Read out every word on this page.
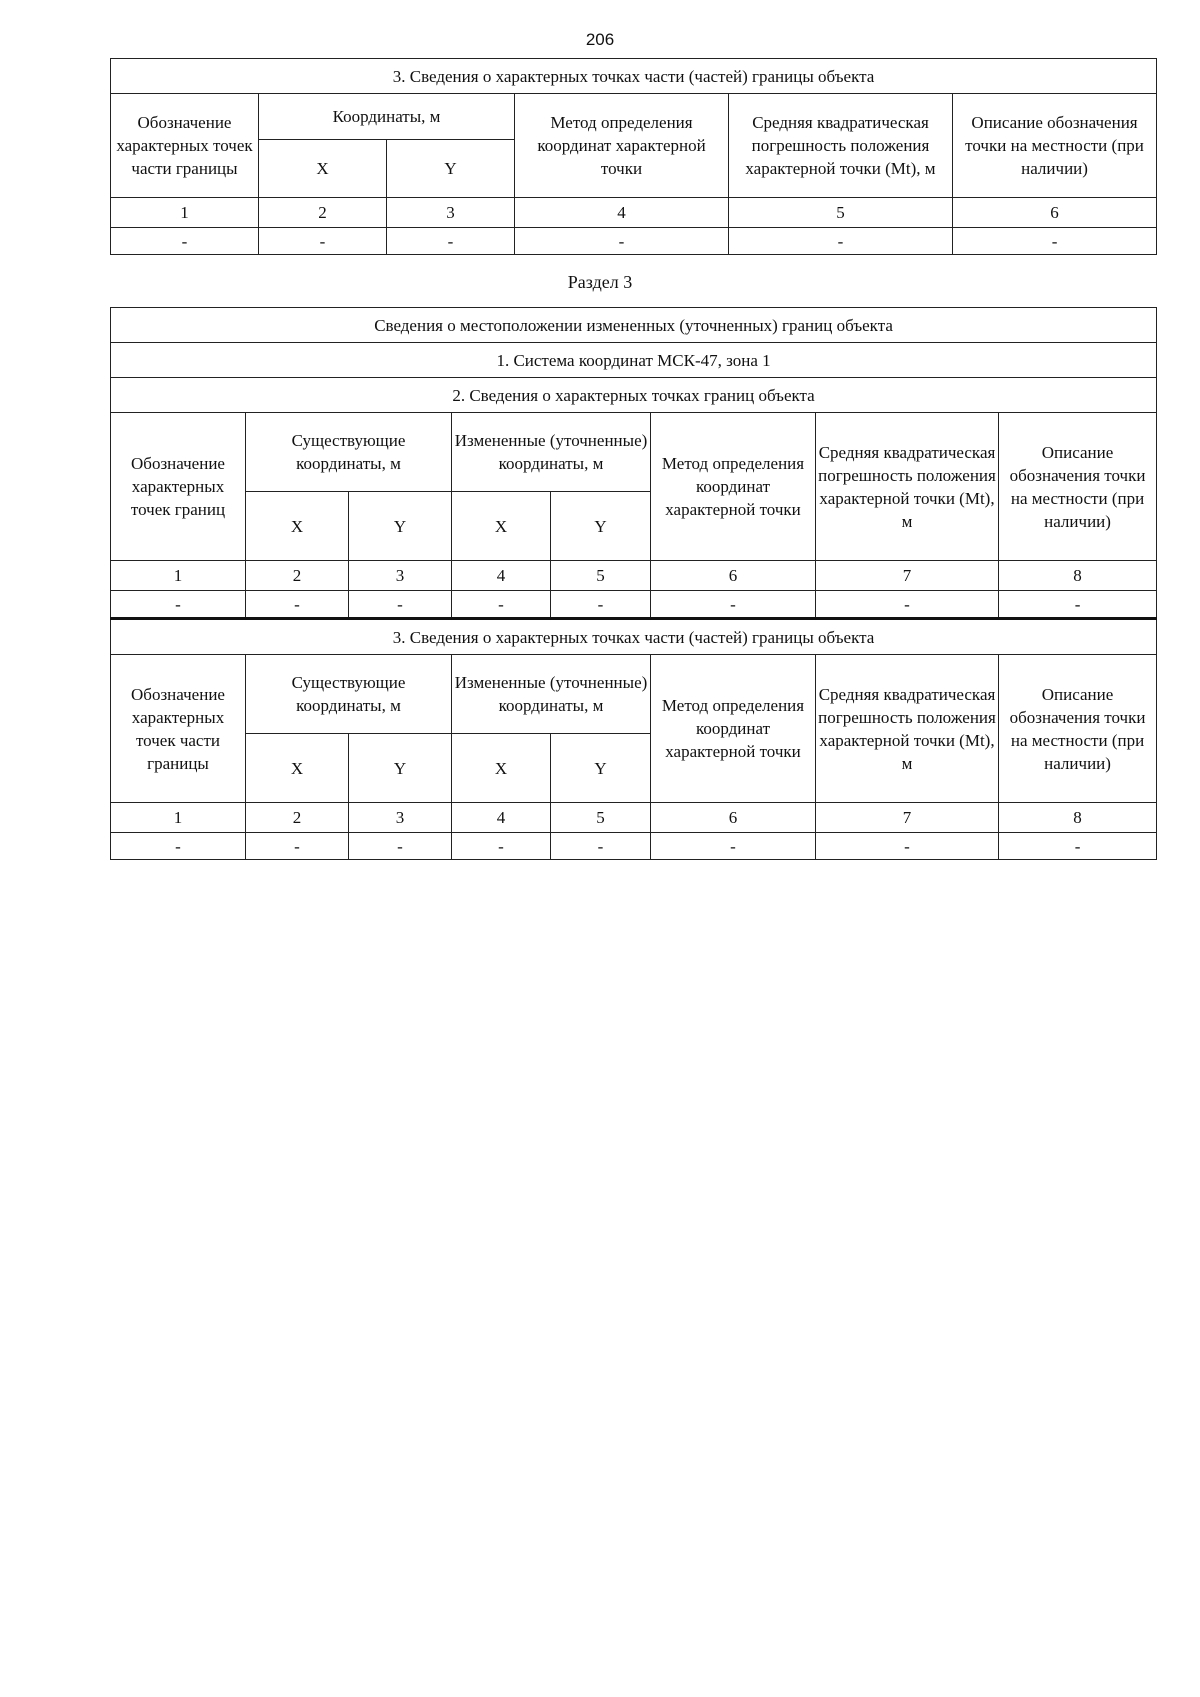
206
3. Сведения о характерных точках части (частей) границы объекта					
Обозначение характерных точек части границы	Координаты, м		Метод определения координат характерной точки	Средняя квадратическая погрешность положения характерной точки (Mt), м	Описание обозначения точки на местности (при наличии)
	X	Y			
1	2	3	4	5	6
-	-	-	-	-	-
Раздел 3
Сведения о местоположении измененных (уточненных) границ объекта							
1. Система координат МСК-47, зона 1							
2. Сведения о характерных точках границ объекта							
Обозначение характерных точек границ	Существующие координаты, м		Измененные (уточненные) координаты, м		Метод определения координат характерной точки	Средняя квадратическая погрешность положения характерной точки (Mt), м	Описание обозначения точки на местности (при наличии)
	X	Y	X	Y			
1	2	3	4	5	6	7	8
-	-	-	-	-	-	-	-
3. Сведения о характерных точках части (частей) границы объекта							
Обозначение характерных точек части границы	Существующие координаты, м		Измененные (уточненные) координаты, м		Метод определения координат характерной точки	Средняя квадратическая погрешность положения характерной точки (Mt), м	Описание обозначения точки на местности (при наличии)
	X	Y	X	Y			
1	2	3	4	5	6	7	8
-	-	-	-	-	-	-	-
